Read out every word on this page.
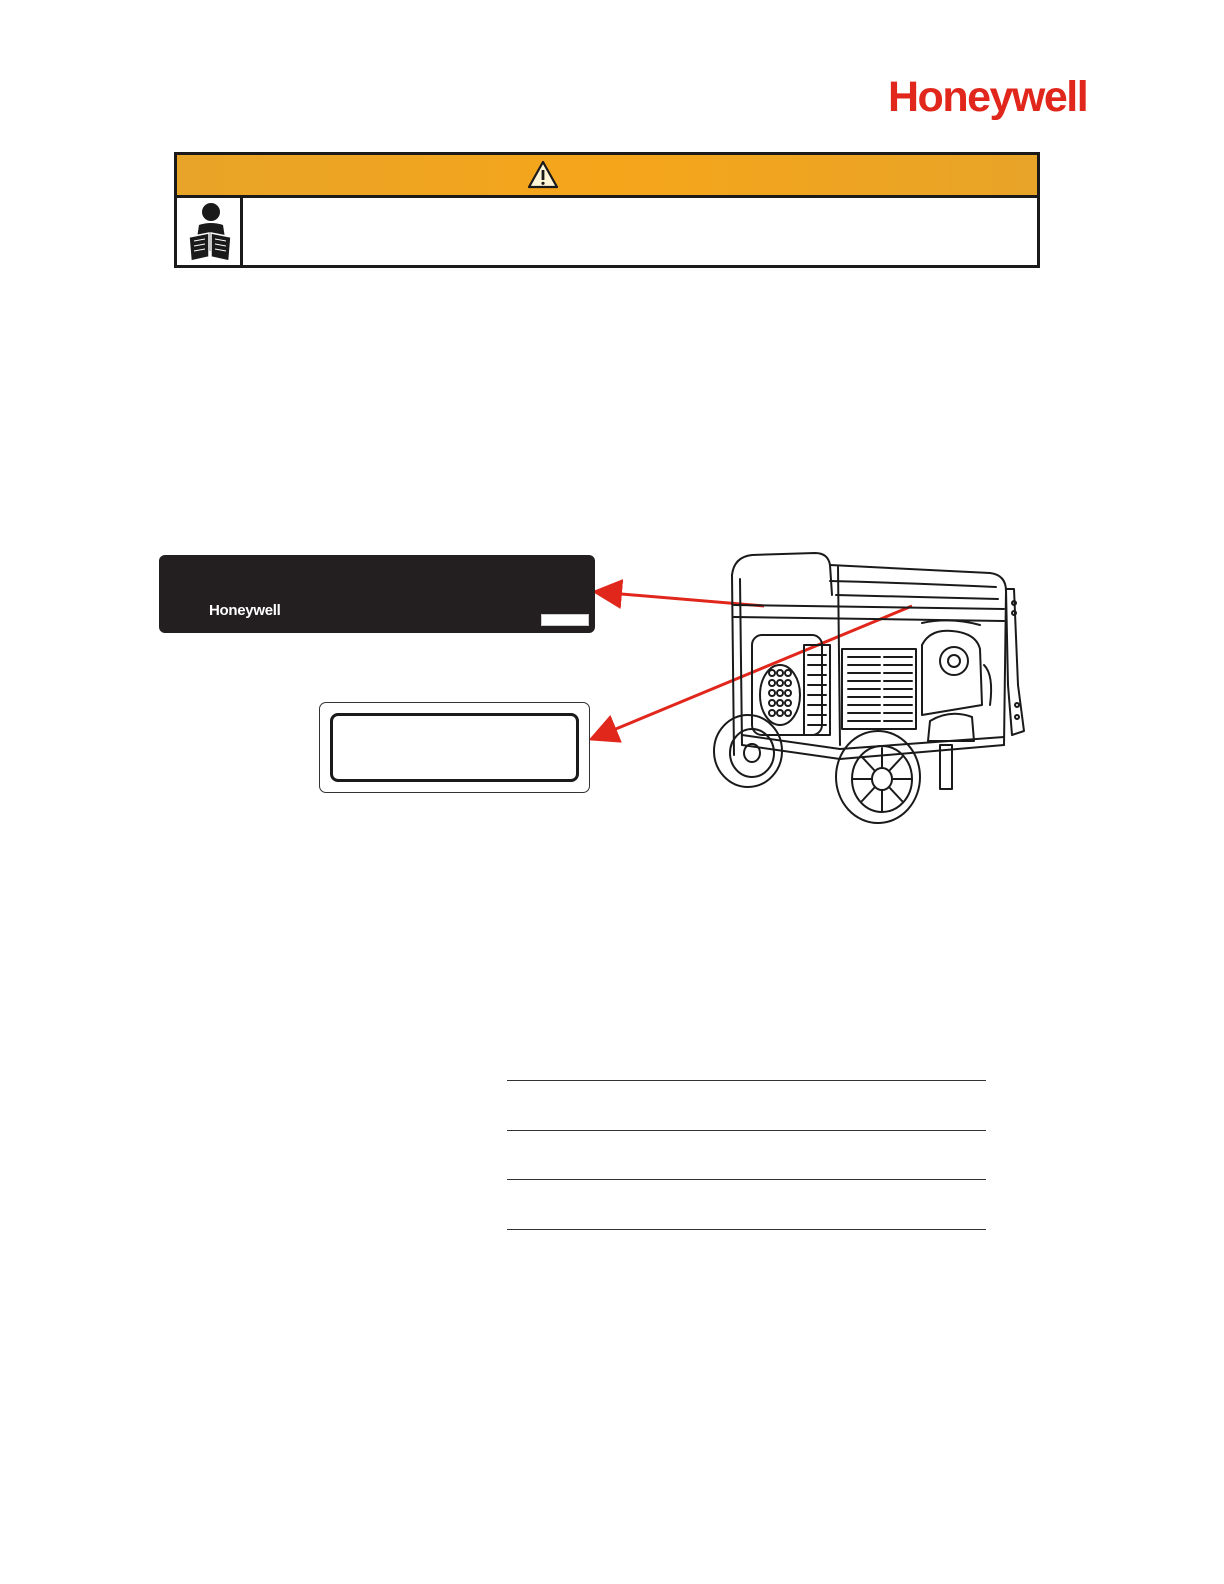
Honeywell
Honeywell
